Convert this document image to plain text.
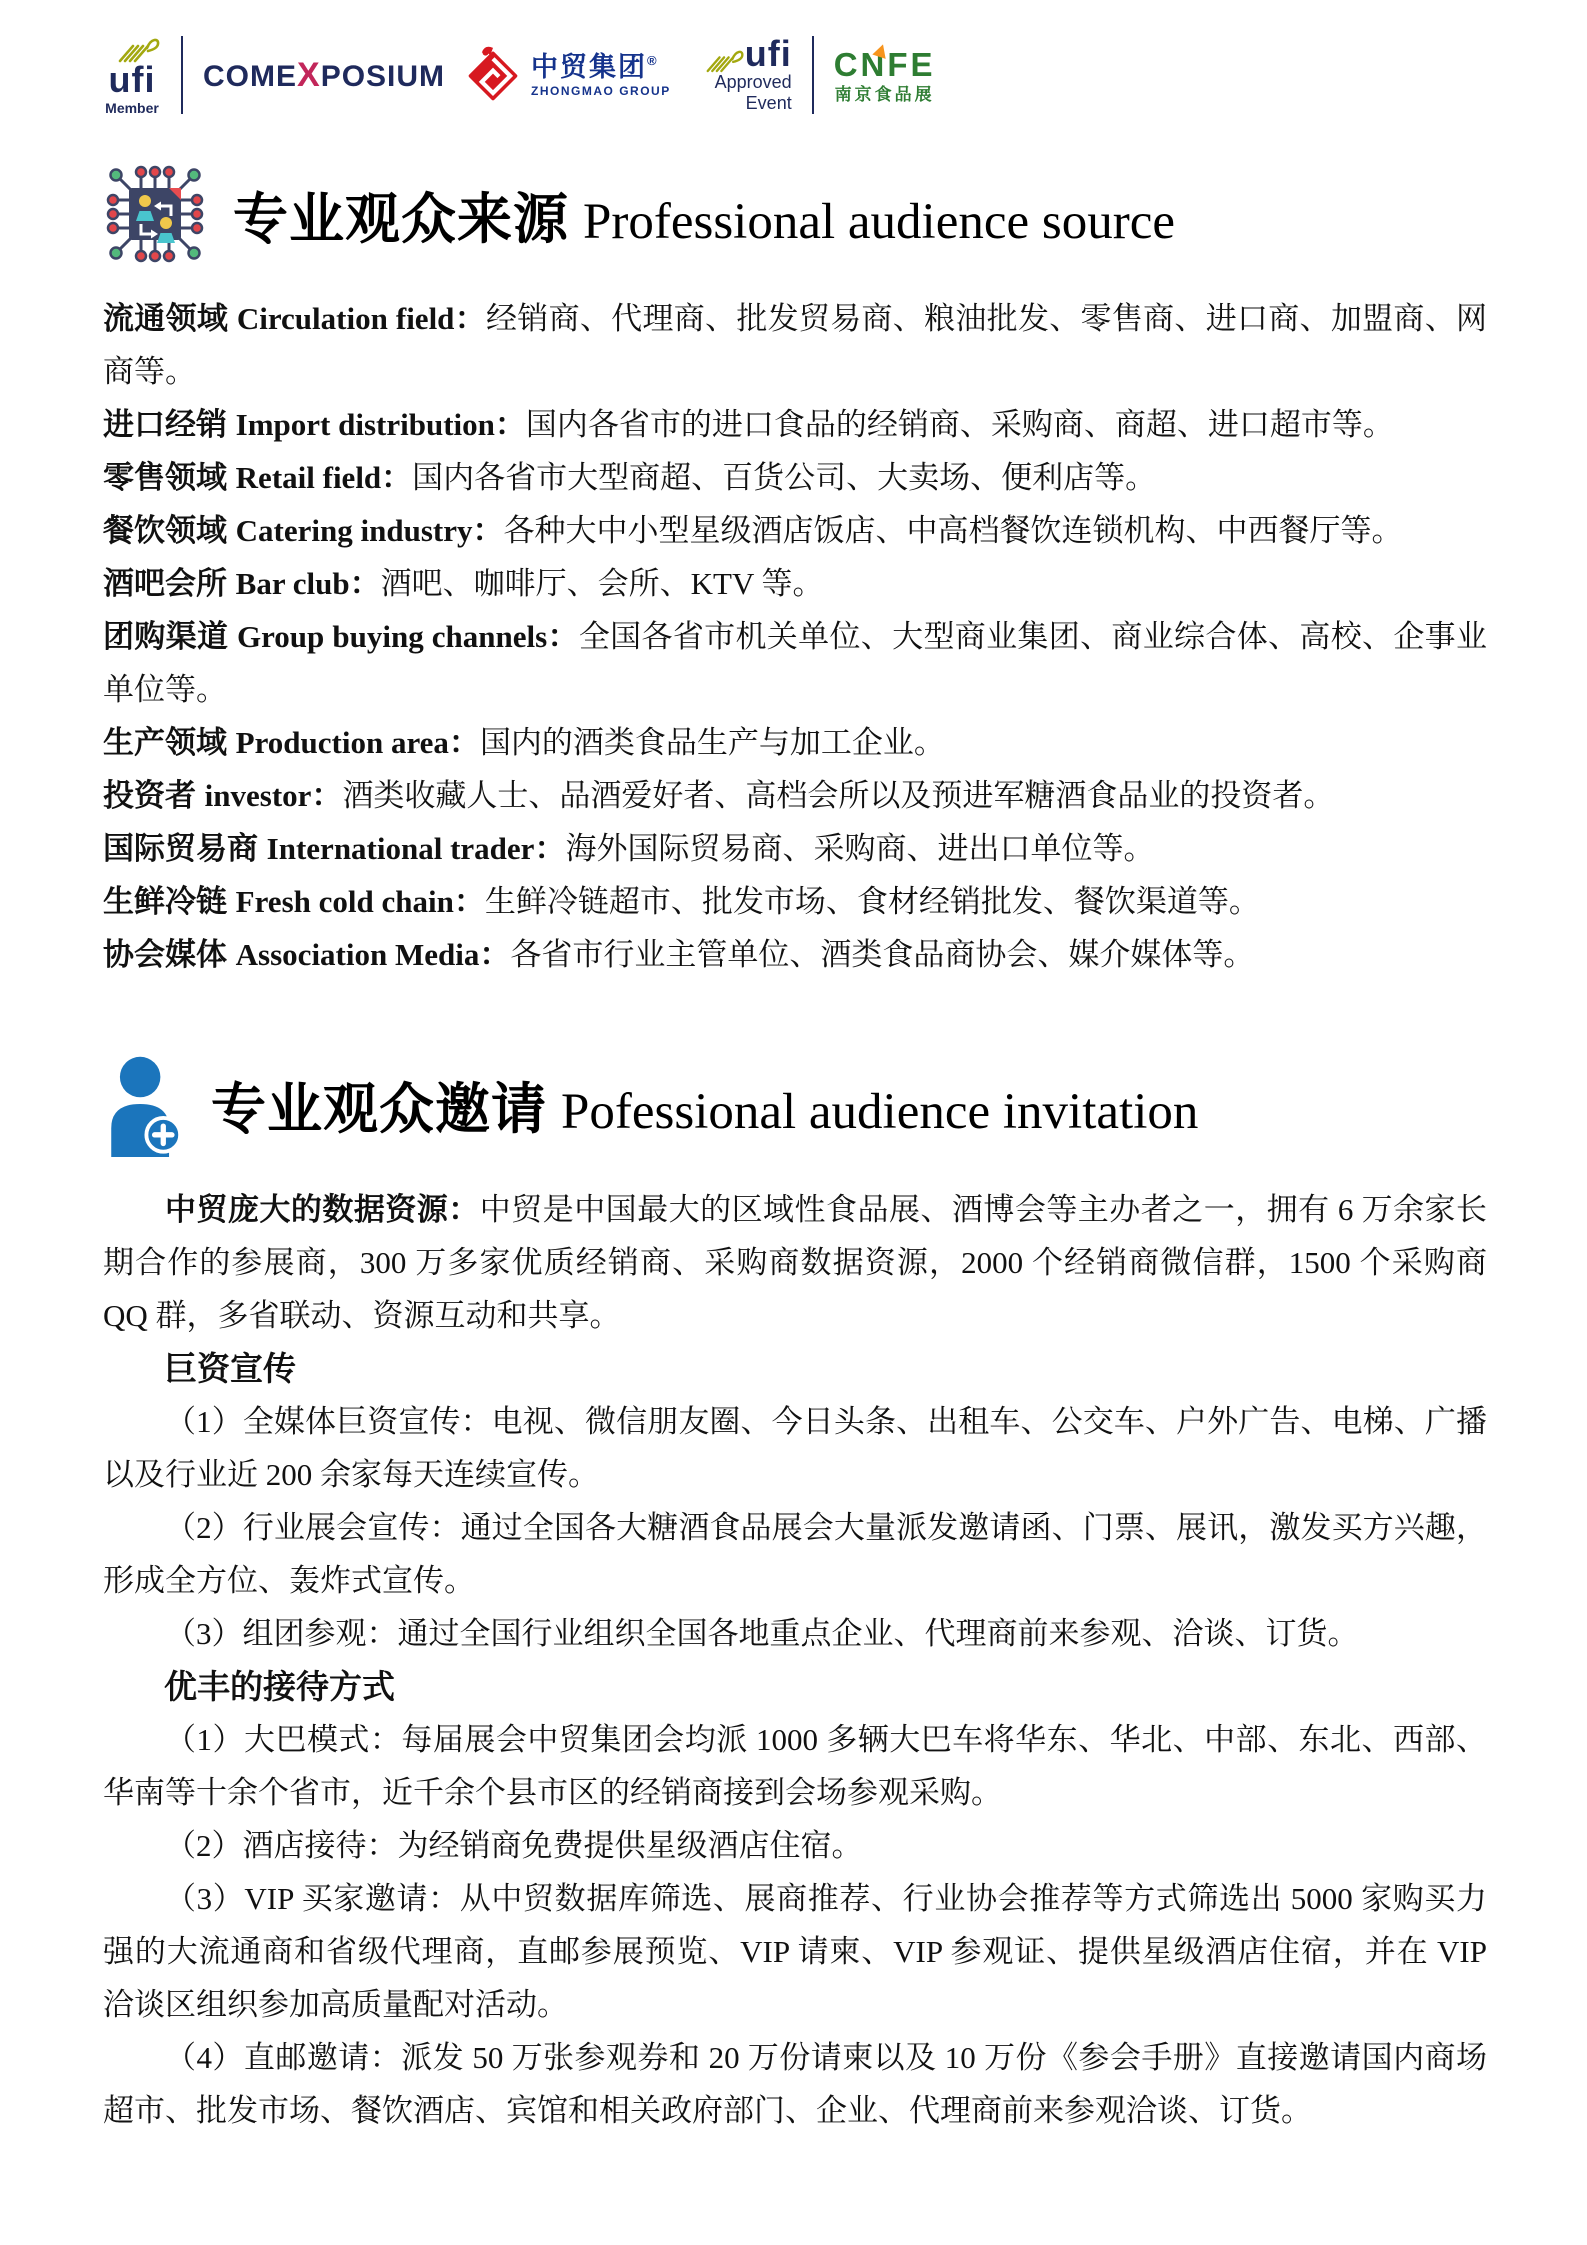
ufi
Member
COMEXPOSIUM	中贸集团®
ZHONGMAO GROUP
ufi
Approved
Event
CNFE
南京食品展
专业观众来源 Professional audience source

流通领域 Circulation field：经销商、代理商、批发贸易商、粮油批发、零售商、进口商、加盟商、网商等。

进口经销 Import distribution：国内各省市的进口食品的经销商、采购商、商超、进口超市等。

零售领域 Retail field：国内各省市大型商超、百货公司、大卖场、便利店等。

餐饮领域 Catering industry：各种大中小型星级酒店饭店、中高档餐饮连锁机构、中西餐厅等。

酒吧会所 Bar club：酒吧、咖啡厅、会所、KTV 等。

团购渠道 Group buying channels：全国各省市机关单位、大型商业集团、商业综合体、高校、企事业单位等。

生产领域 Production area：国内的酒类食品生产与加工企业。

投资者 investor：酒类收藏人士、品酒爱好者、高档会所以及预进军糖酒食品业的投资者。

国际贸易商 International trader：海外国际贸易商、采购商、进出口单位等。

生鲜冷链 Fresh cold chain：生鲜冷链超市、批发市场、食材经销批发、餐饮渠道等。

协会媒体 Association Media：各省市行业主管单位、酒类食品商协会、媒介媒体等。

专业观众邀请 Pofessional audience invitation

中贸庞大的数据资源：中贸是中国最大的区域性食品展、酒博会等主办者之一，拥有 6 万余家长期合作的参展商，300 万多家优质经销商、采购商数据资源，2000 个经销商微信群，1500 个采购商 QQ 群，多省联动、资源互动和共享。

巨资宣传

（1）全媒体巨资宣传：电视、微信朋友圈、今日头条、出租车、公交车、户外广告、电梯、广播以及行业近 200 余家每天连续宣传。

（2）行业展会宣传：通过全国各大糖酒食品展会大量派发邀请函、门票、展讯，激发买方兴趣，形成全方位、轰炸式宣传。

（3）组团参观：通过全国行业组织全国各地重点企业、代理商前来参观、洽谈、订货。

优丰的接待方式

（1）大巴模式：每届展会中贸集团会均派 1000 多辆大巴车将华东、华北、中部、东北、西部、华南等十余个省市，近千余个县市区的经销商接到会场参观采购。

（2）酒店接待：为经销商免费提供星级酒店住宿。

（3）VIP 买家邀请：从中贸数据库筛选、展商推荐、行业协会推荐等方式筛选出 5000 家购买力强的大流通商和省级代理商，直邮参展预览、VIP 请柬、VIP 参观证、提供星级酒店住宿，并在 VIP 洽谈区组织参加高质量配对活动。

（4）直邮邀请：派发 50 万张参观券和 20 万份请柬以及 10 万份《参会手册》直接邀请国内商场超市、批发市场、餐饮酒店、宾馆和相关政府部门、企业、代理商前来参观洽谈、订货。
